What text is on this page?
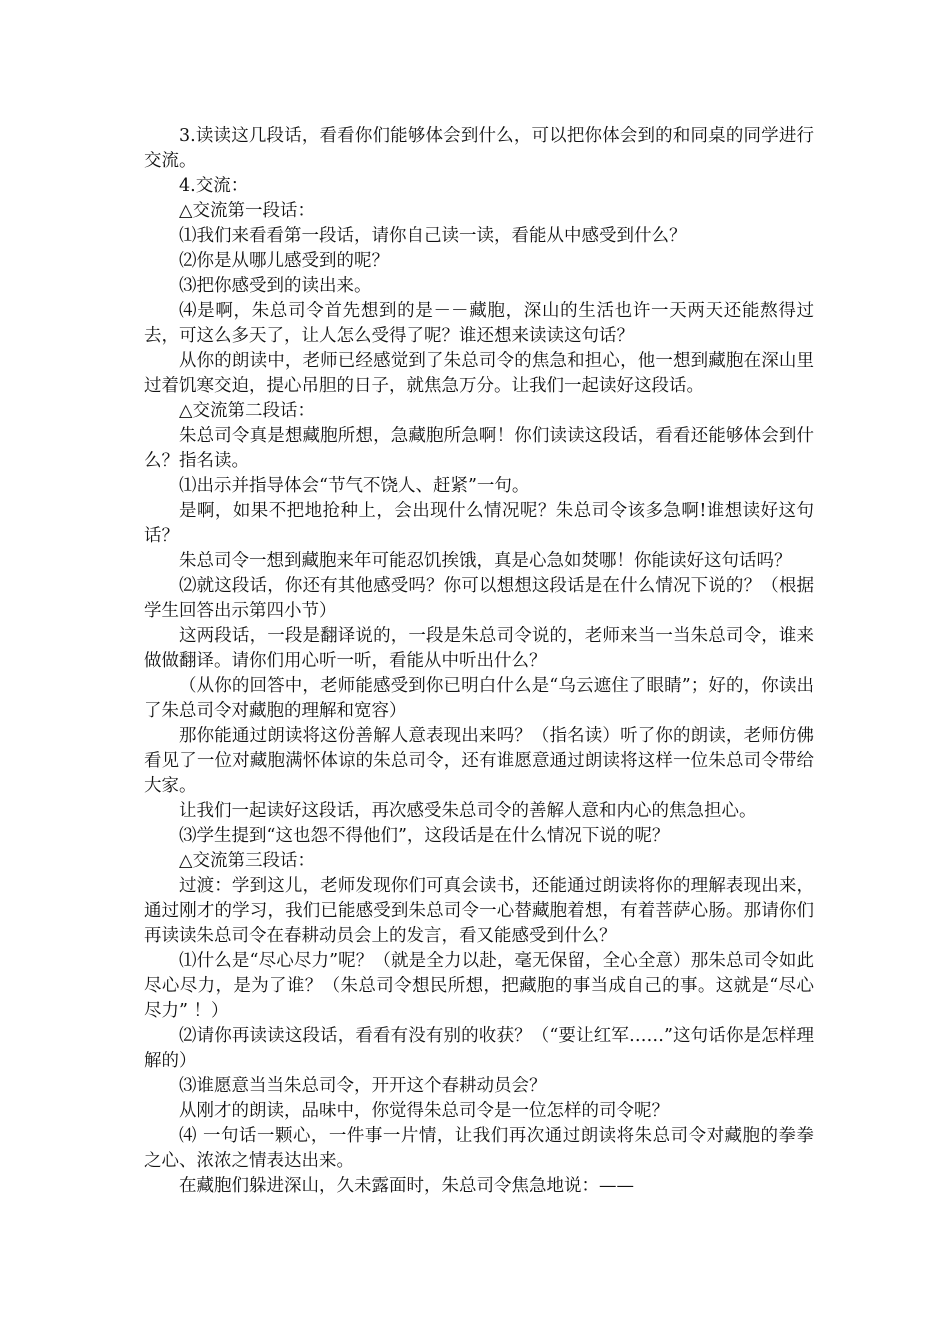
3.读读这几段话，看看你们能够体会到什么，可以把你体会到的和同桌的同学进行交流。

4.交流：

△交流第一段话：

⑴我们来看看第一段话，请你自己读一读，看能从中感受到什么？

⑵你是从哪儿感受到的呢？

⑶把你感受到的读出来。

⑷是啊，朱总司令首先想到的是－－藏胞，深山的生活也许一天两天还能熬得过去，可这么多天了，让人怎么受得了呢？谁还想来读读这句话？

从你的朗读中，老师已经感觉到了朱总司令的焦急和担心，他一想到藏胞在深山里过着饥寒交迫，提心吊胆的日子，就焦急万分。让我们一起读好这段话。

△交流第二段话：

朱总司令真是想藏胞所想，急藏胞所急啊！你们读读这段话，看看还能够体会到什么？指名读。

⑴出示并指导体会“节气不饶人、赶紧”一句。

是啊，如果不把地抢种上，会出现什么情况呢？朱总司令该多急啊!谁想读好这句话？

朱总司令一想到藏胞来年可能忍饥挨饿，真是心急如焚哪！你能读好这句话吗？

⑵就这段话，你还有其他感受吗？你可以想想这段话是在什么情况下说的？（根据学生回答出示第四小节）

这两段话，一段是翻译说的，一段是朱总司令说的，老师来当一当朱总司令，谁来做做翻译。请你们用心听一听，看能从中听出什么？

（从你的回答中，老师能感受到你已明白什么是“乌云遮住了眼睛”；好的，你读出了朱总司令对藏胞的理解和宽容）

那你能通过朗读将这份善解人意表现出来吗？（指名读）听了你的朗读，老师仿佛看见了一位对藏胞满怀体谅的朱总司令，还有谁愿意通过朗读将这样一位朱总司令带给大家。

让我们一起读好这段话，再次感受朱总司令的善解人意和内心的焦急担心。

⑶学生提到“这也怨不得他们”，这段话是在什么情况下说的呢？

△交流第三段话：

过渡：学到这儿，老师发现你们可真会读书，还能通过朗读将你的理解表现出来，通过刚才的学习，我们已能感受到朱总司令一心替藏胞着想，有着菩萨心肠。那请你们再读读朱总司令在春耕动员会上的发言，看又能感受到什么？

⑴什么是“尽心尽力”呢？（就是全力以赴，毫无保留，全心全意）那朱总司令如此尽心尽力，是为了谁？（朱总司令想民所想，把藏胞的事当成自己的事。这就是“尽心尽力” ！）

⑵请你再读读这段话，看看有没有别的收获？（“要让红军……”这句话你是怎样理解的）

⑶谁愿意当当朱总司令，开开这个春耕动员会？

从刚才的朗读，品味中，你觉得朱总司令是一位怎样的司令呢？

⑷ 一句话一颗心，一件事一片情，让我们再次通过朗读将朱总司令对藏胞的拳拳之心、浓浓之情表达出来。

在藏胞们躲进深山，久未露面时，朱总司令焦急地说：——
